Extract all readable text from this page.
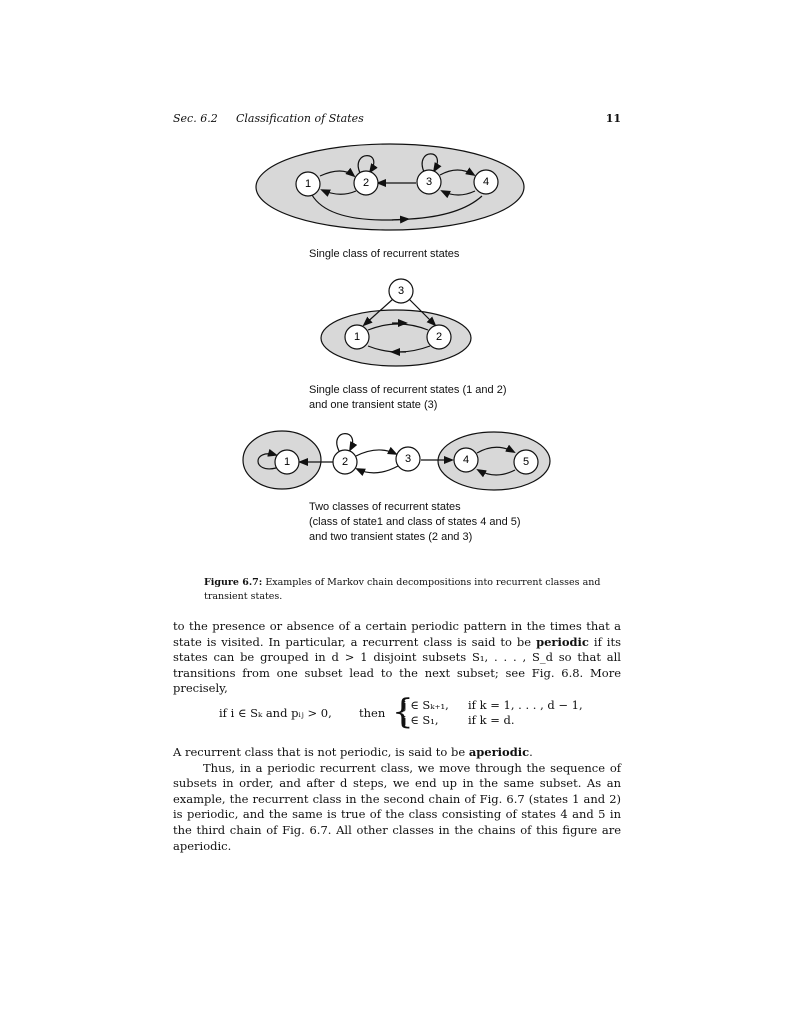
Sec. 6.2 Classification of States	11
1	2	3	4
3
1	2
1	2	3	4	5
Single class of recurrent states
Single class of recurrent states (1 and 2)
and one transient state (3)
Two classes of recurrent states
(class of state1 and class of states 4 and 5)
and two transient states (2 and 3)
Figure 6.7: Examples of Markov chain decompositions into recurrent classes and transient states.
to the presence or absence of a certain periodic pattern in the times that a state is visited. In particular, a recurrent class is said to be periodic if its states can be grouped in d > 1 disjoint subsets S₁, . . . , S_d so that all transitions from one subset lead to the next subset; see Fig. 6.8. More precisely,
if i ∈ Sₖ and pᵢⱼ > 0, then {
j ∈ Sₖ₊₁, if k = 1, . . . , d − 1,
j ∈ S₁,	if k = d.
A recurrent class that is not periodic, is said to be aperiodic.
Thus, in a periodic recurrent class, we move through the sequence of subsets in order, and after d steps, we end up in the same subset. As an example, the recurrent class in the second chain of Fig. 6.7 (states 1 and 2) is periodic, and the same is true of the class consisting of states 4 and 5 in the third chain of Fig. 6.7. All other classes in the chains of this figure are aperiodic.
